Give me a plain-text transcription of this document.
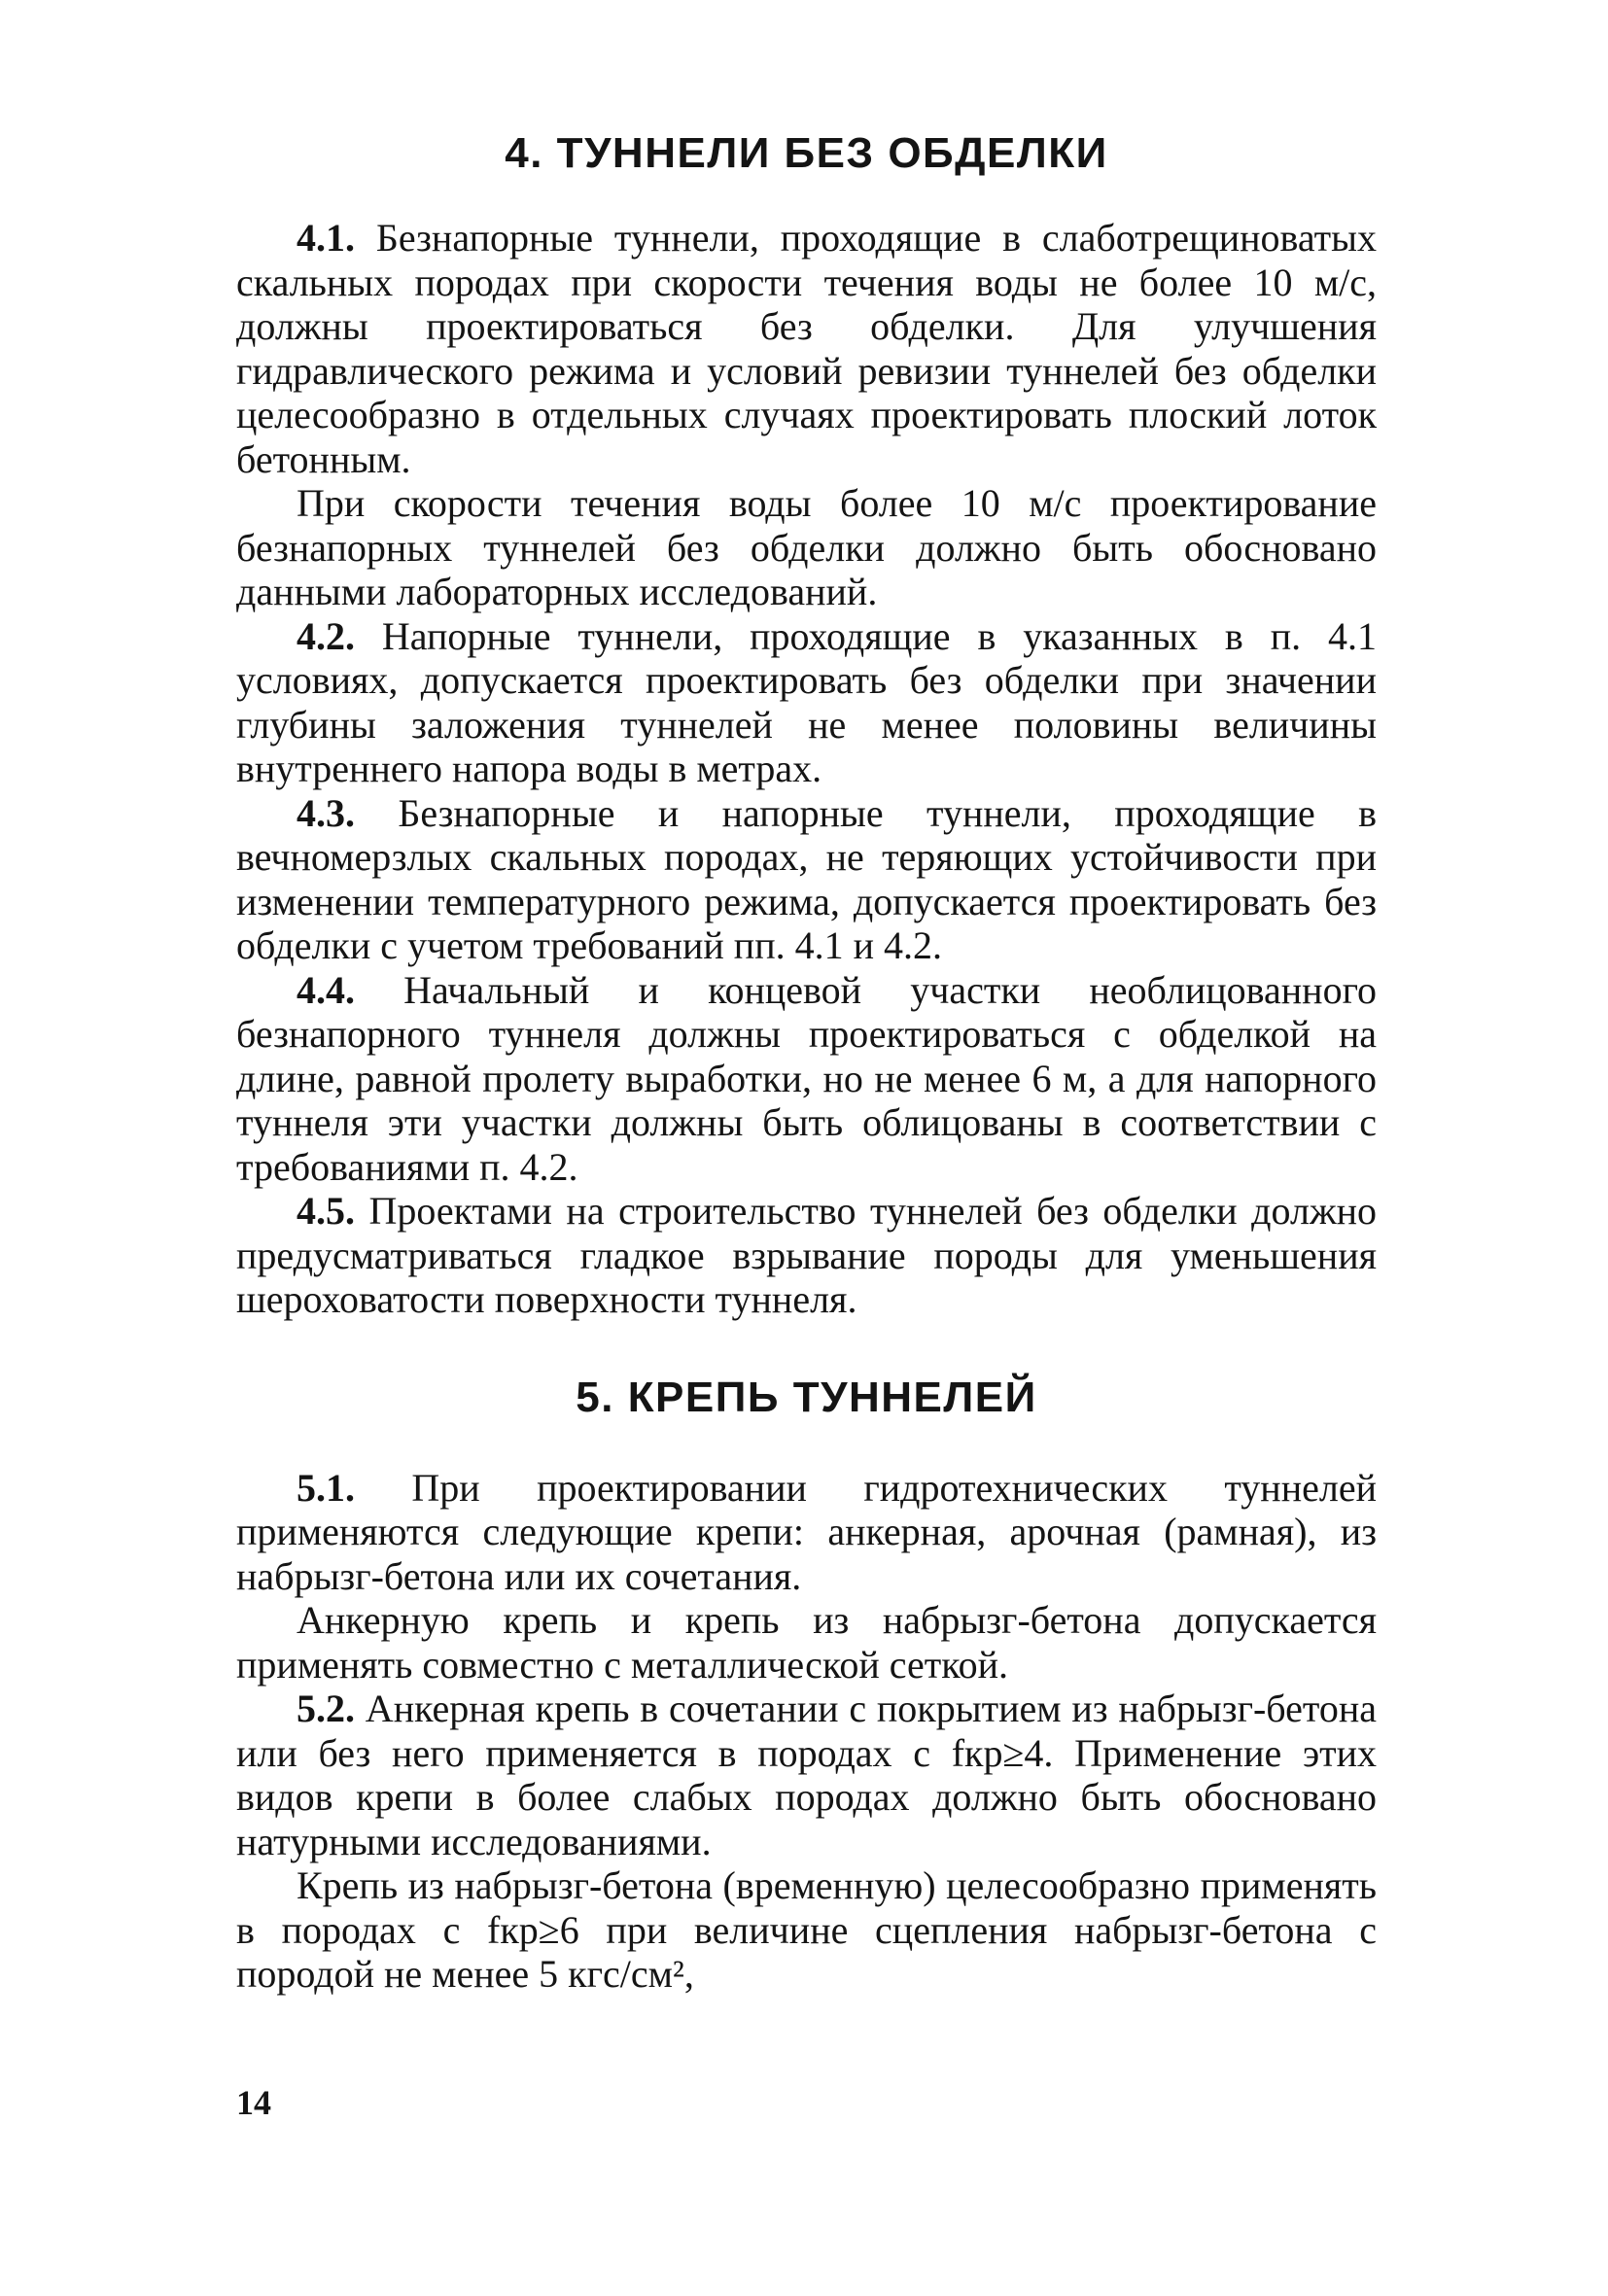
4. ТУННЕЛИ БЕЗ ОБДЕЛКИ

4.1. Безнапорные туннели, проходящие в слаботрещиноватых скальных породах при скорости течения воды не более 10 м/с, должны проектироваться без обделки. Для улучшения гидравлического режима и условий ревизии туннелей без обделки целесообразно в отдельных случаях проектировать плоский лоток бетонным.

При скорости течения воды более 10 м/с проектирование безнапорных туннелей без обделки должно быть обосновано данными лабораторных исследований.

4.2. Напорные туннели, проходящие в указанных в п. 4.1 условиях, допускается проектировать без обделки при значении глубины заложения туннелей не менее половины величины внутреннего напора воды в метрах.

4.3. Безнапорные и напорные туннели, проходящие в вечномерзлых скальных породах, не теряющих устойчивости при изменении температурного режима, допускается проектировать без обделки с учетом требований пп. 4.1 и 4.2.

4.4. Начальный и концевой участки необлицованного безнапорного туннеля должны проектироваться с обделкой на длине, равной пролету выработки, но не менее 6 м, а для напорного туннеля эти участки должны быть облицованы в соответствии с требованиями п. 4.2.

4.5. Проектами на строительство туннелей без обделки должно предусматриваться гладкое взрывание породы для уменьшения шероховатости поверхности туннеля.

5. КРЕПЬ ТУННЕЛЕЙ

5.1. При проектировании гидротехнических туннелей применяются следующие крепи: анкерная, арочная (рамная), из набрызг-бетона или их сочетания.

Анкерную крепь и крепь из набрызг-бетона допускается применять совместно с металлической сеткой.

5.2. Анкерная крепь в сочетании с покрытием из набрызг-бетона или без него применяется в породах с fкр≥4. Применение этих видов крепи в более слабых породах должно быть обосновано натурными исследованиями.

Крепь из набрызг-бетона (временную) целесообразно применять в породах с fкр≥6 при величине сцепления набрызг-бетона с породой не менее 5 кгс/см²,

14
